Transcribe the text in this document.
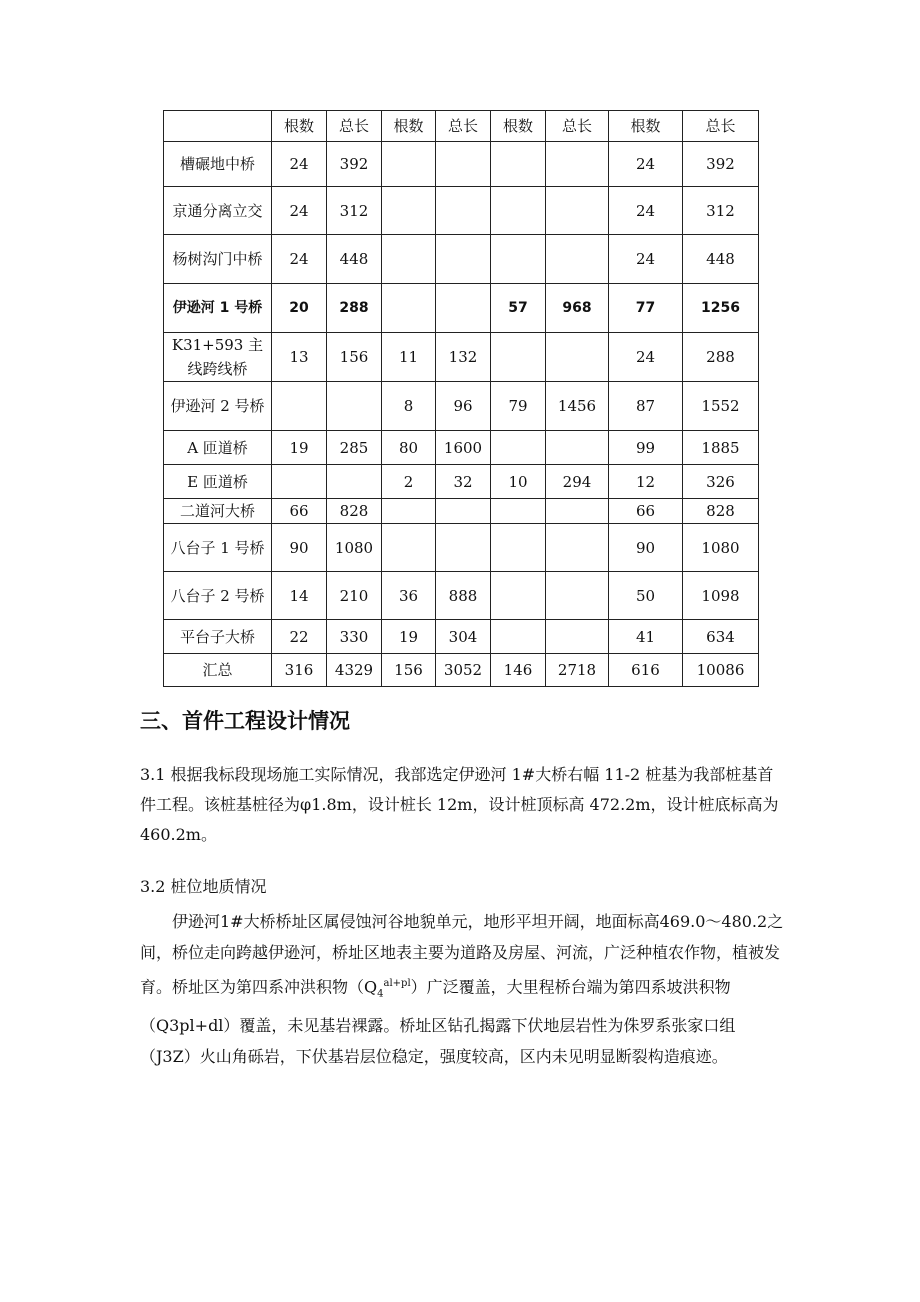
	根数	总长	根数	总长	根数	总长	根数	总长
槽碾地中桥	24	392					24	392
京通分离立交	24	312					24	312
杨树沟门中桥	24	448					24	448
伊逊河 1 号桥	20	288			57	968	77	1256
K31+593 主线跨线桥	13	156	11	132			24	288
伊逊河 2 号桥			8	96	79	1456	87	1552
A 匝道桥	19	285	80	1600			99	1885
E 匝道桥			2	32	10	294	12	326
二道河大桥	66	828					66	828
八台子 1 号桥	90	1080					90	1080
八台子 2 号桥	14	210	36	888			50	1098
平台子大桥	22	330	19	304			41	634
汇总	316	4329	156	3052	146	2718	616	10086
三、首件工程设计情况

3.1 根据我标段现场施工实际情况，我部选定伊逊河 1#大桥右幅 11-2 桩基为我部桩基首件工程。该桩基桩径为φ1.8m，设计桩长 12m，设计桩顶标高 472.2m，设计桩底标高为 460.2m。

3.2 桩位地质情况

伊逊河1#大桥桥址区属侵蚀河谷地貌单元，地形平坦开阔，地面标高469.0～480.2之间，桥位走向跨越伊逊河，桥址区地表主要为道路及房屋、河流，广泛种植农作物，植被发育。桥址区为第四系冲洪积物$(Q_4^{al+pl})$广泛覆盖，大里程桥台端为第四系坡洪积物（Q3pl+dl）覆盖，未见基岩裸露。桥址区钻孔揭露下伏地层岩性为侏罗系张家口组（J3Z）火山角砾岩，下伏基岩层位稳定，强度较高，区内未见明显断裂构造痕迹。
